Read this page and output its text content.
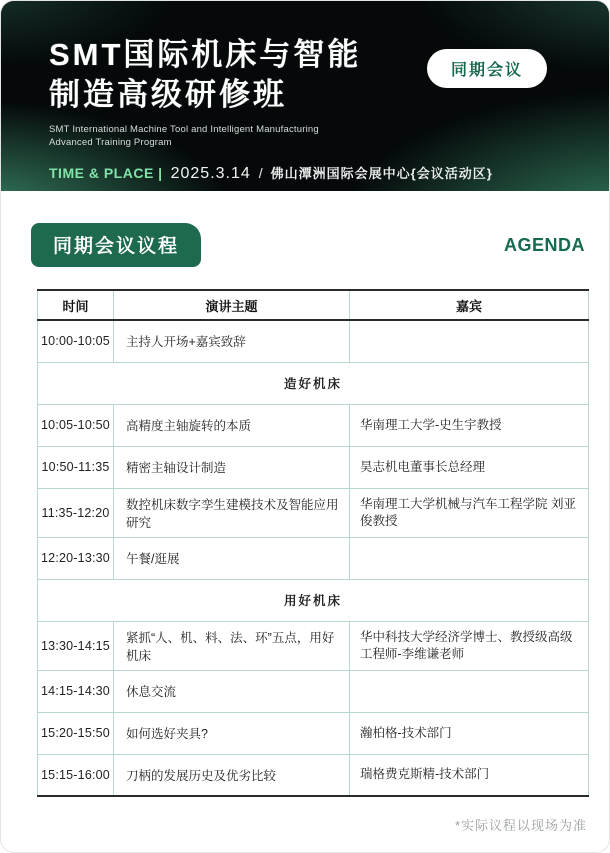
SMT国际机床与智能
制造高级研修班
SMT International Machine Tool and Intelligent Manufacturing
Advanced Training Program
TIME & PLACE | 2025.3.14 / 佛山潭洲国际会展中心{会议活动区}
同期会议
同期会议议程	AGENDA
时间	演讲主题	嘉宾
10:00-10:05	主持人开场+嘉宾致辞	
造好机床		
10:05-10:50	高精度主轴旋转的本质	华南理工大学-史生宇教授
10:50-11:35	精密主轴设计制造	昊志机电董事长总经理
11:35-12:20	数控机床数字孪生建模技术及智能应用研究	华南理工大学机械与汽车工程学院 刘亚俊教授
12:20-13:30	午餐/逛展	
用好机床		
13:30-14:15	紧抓“人、机、料、法、环”五点，用好机床	华中科技大学经济学博士、教授级高级工程师-李维谦老师
14:15-14:30	休息交流	
15:20-15:50	如何选好夹具?	瀚柏格-技术部门
15:15-16:00	刀柄的发展历史及优劣比较	瑞格费克斯精-技术部门
*实际议程以现场为准
